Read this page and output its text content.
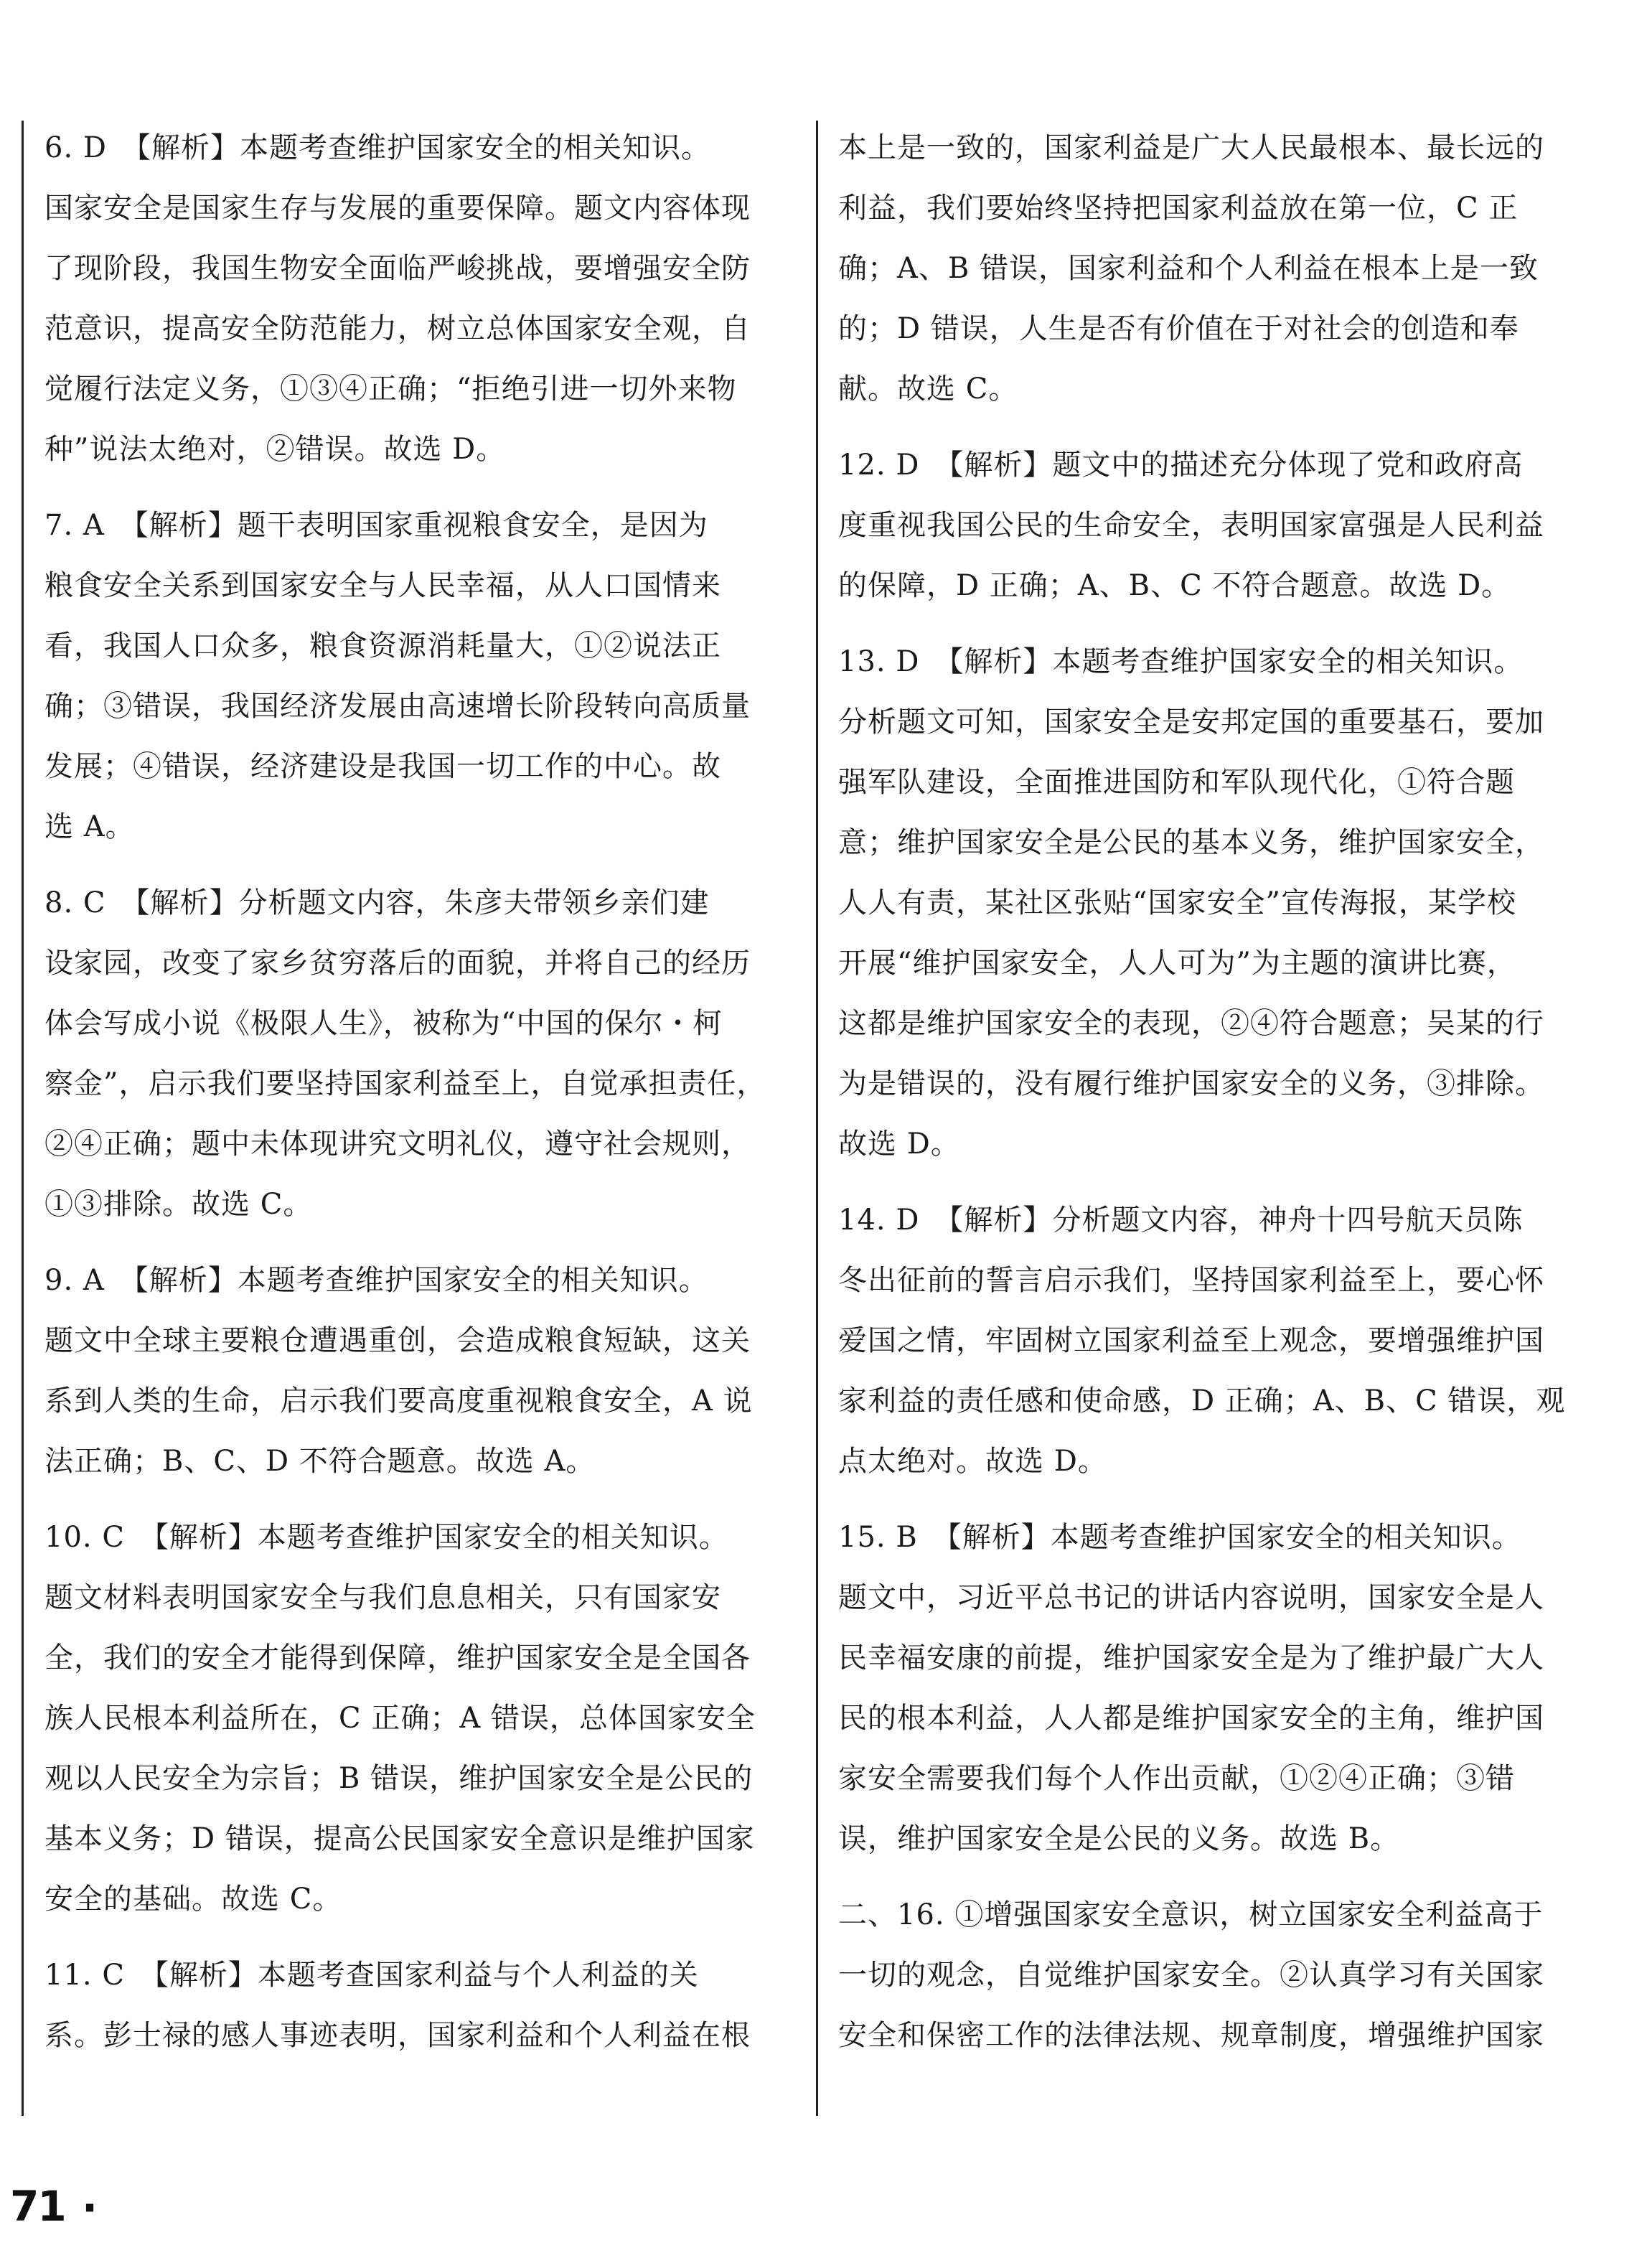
6. D　【解析】本题考查维护国家安全的相关知识。

国家安全是国家生存与发展的重要保障。题文内容体现

了现阶段，我国生物安全面临严峻挑战，要增强安全防

范意识，提高安全防范能力，树立总体国家安全观，自

觉履行法定义务，①③④正确；“拒绝引进一切外来物

种”说法太绝对，②错误。故选 D。

7. A　【解析】题干表明国家重视粮食安全，是因为

粮食安全关系到国家安全与人民幸福，从人口国情来

看，我国人口众多，粮食资源消耗量大，①②说法正

确；③错误，我国经济发展由高速增长阶段转向高质量

发展；④错误，经济建设是我国一切工作的中心。故

选 A。

8. C　【解析】分析题文内容，朱彦夫带领乡亲们建

设家园，改变了家乡贫穷落后的面貌，并将自己的经历

体会写成小说《极限人生》，被称为“中国的保尔・柯

察金”，启示我们要坚持国家利益至上，自觉承担责任，

②④正确；题中未体现讲究文明礼仪，遵守社会规则，

①③排除。故选 C。

9. A　【解析】本题考查维护国家安全的相关知识。

题文中全球主要粮仓遭遇重创，会造成粮食短缺，这关

系到人类的生命，启示我们要高度重视粮食安全，A 说

法正确；B、C、D 不符合题意。故选 A。

10. C　【解析】本题考查维护国家安全的相关知识。

题文材料表明国家安全与我们息息相关，只有国家安

全，我们的安全才能得到保障，维护国家安全是全国各

族人民根本利益所在，C 正确；A 错误，总体国家安全

观以人民安全为宗旨；B 错误，维护国家安全是公民的

基本义务；D 错误，提高公民国家安全意识是维护国家

安全的基础。故选 C。

11. C　【解析】本题考查国家利益与个人利益的关

系。彭士禄的感人事迹表明，国家利益和个人利益在根

本上是一致的，国家利益是广大人民最根本、最长远的

利益，我们要始终坚持把国家利益放在第一位，C 正

确；A、B 错误，国家利益和个人利益在根本上是一致

的；D 错误，人生是否有价值在于对社会的创造和奉

献。故选 C。

12. D　【解析】题文中的描述充分体现了党和政府高

度重视我国公民的生命安全，表明国家富强是人民利益

的保障，D 正确；A、B、C 不符合题意。故选 D。

13. D　【解析】本题考查维护国家安全的相关知识。

分析题文可知，国家安全是安邦定国的重要基石，要加

强军队建设，全面推进国防和军队现代化，①符合题

意；维护国家安全是公民的基本义务，维护国家安全，

人人有责，某社区张贴“国家安全”宣传海报，某学校

开展“维护国家安全，人人可为”为主题的演讲比赛，

这都是维护国家安全的表现，②④符合题意；吴某的行

为是错误的，没有履行维护国家安全的义务，③排除。

故选 D。

14. D　【解析】分析题文内容，神舟十四号航天员陈

冬出征前的誓言启示我们，坚持国家利益至上，要心怀

爱国之情，牢固树立国家利益至上观念，要增强维护国

家利益的责任感和使命感，D 正确；A、B、C 错误，观

点太绝对。故选 D。

15. B　【解析】本题考查维护国家安全的相关知识。

题文中，习近平总书记的讲话内容说明，国家安全是人

民幸福安康的前提，维护国家安全是为了维护最广大人

民的根本利益，人人都是维护国家安全的主角，维护国

家安全需要我们每个人作出贡献，①②④正确；③错

误，维护国家安全是公民的义务。故选 B。

二、16. ①增强国家安全意识，树立国家安全利益高于

一切的观念，自觉维护国家安全。②认真学习有关国家

安全和保密工作的法律法规、规章制度，增强维护国家

71 ·
